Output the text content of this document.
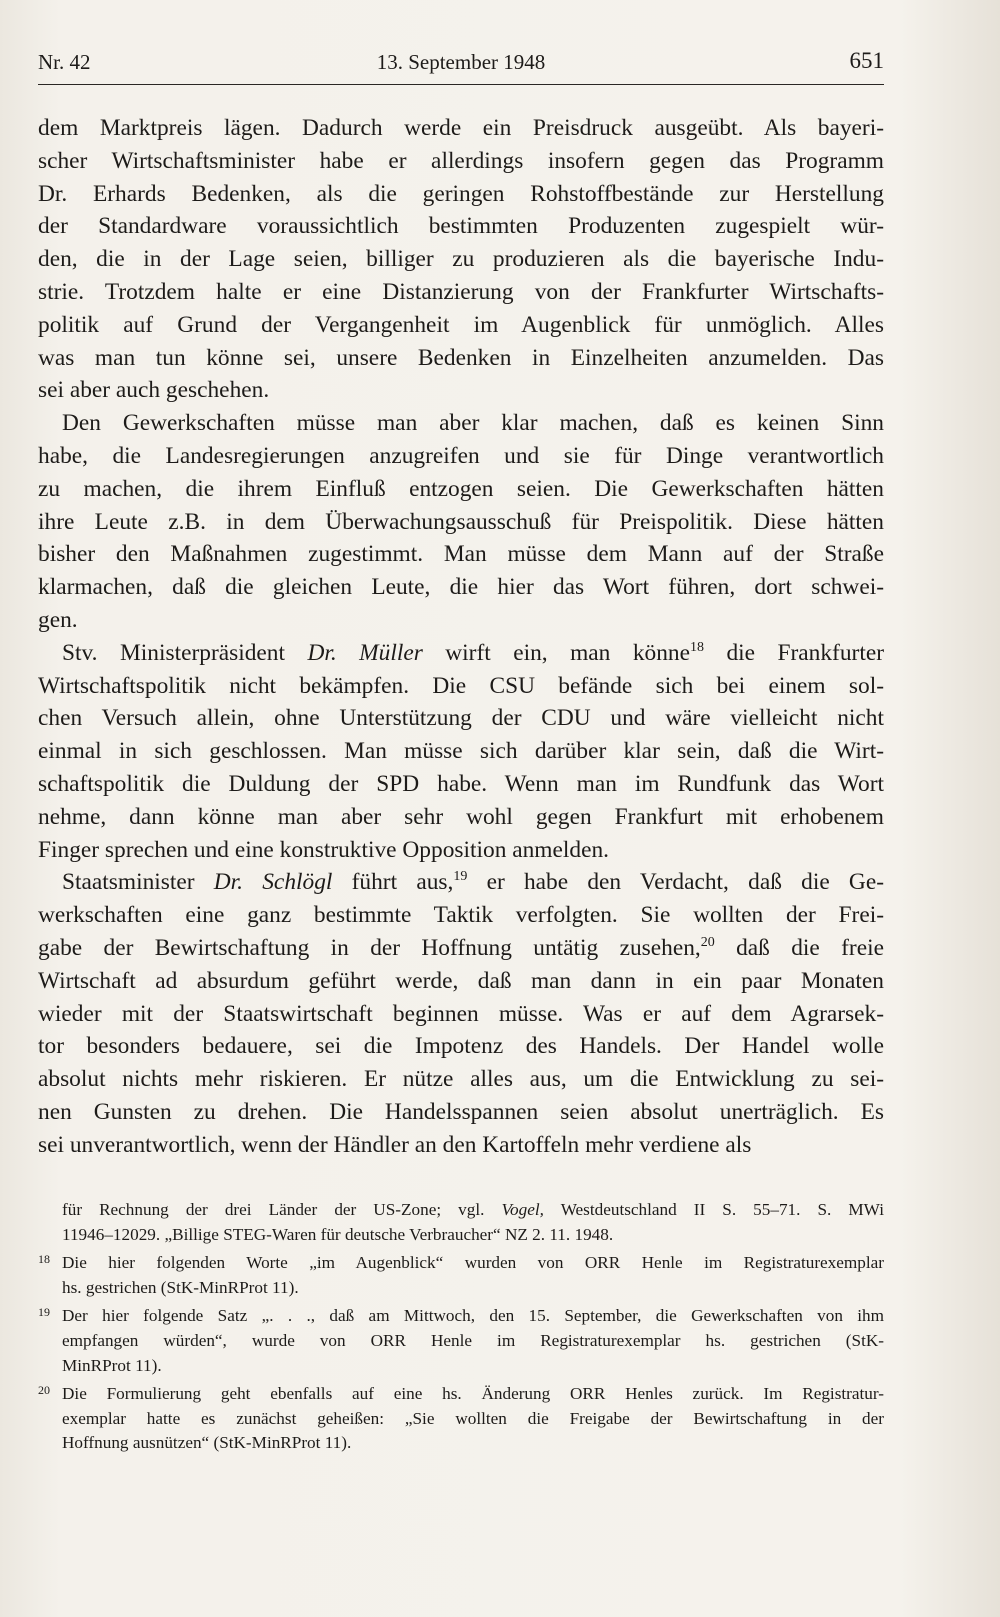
Nr. 42	13. September 1948	651
dem Marktpreis lägen. Dadurch werde ein Preisdruck ausgeübt. Als bayeri-
scher Wirtschaftsminister habe er allerdings insofern gegen das Programm
Dr. Erhards Bedenken, als die geringen Rohstoffbestände zur Herstellung
der Standardware voraussichtlich bestimmten Produzenten zugespielt wür-
den, die in der Lage seien, billiger zu produzieren als die bayerische Indu-
strie. Trotzdem halte er eine Distanzierung von der Frankfurter Wirtschafts-
politik auf Grund der Vergangenheit im Augenblick für unmöglich. Alles
was man tun könne sei, unsere Bedenken in Einzelheiten anzumelden. Das
sei aber auch geschehen.
Den Gewerkschaften müsse man aber klar machen, daß es keinen Sinn
habe, die Landesregierungen anzugreifen und sie für Dinge verantwortlich
zu machen, die ihrem Einfluß entzogen seien. Die Gewerkschaften hätten
ihre Leute z.B. in dem Überwachungsausschuß für Preispolitik. Diese hätten
bisher den Maßnahmen zugestimmt. Man müsse dem Mann auf der Straße
klarmachen, daß die gleichen Leute, die hier das Wort führen, dort schwei-
gen.
Stv. Ministerpräsident Dr. Müller wirft ein, man könne$^{18}$ die Frankfurter
Wirtschaftspolitik nicht bekämpfen. Die CSU befände sich bei einem sol-
chen Versuch allein, ohne Unterstützung der CDU und wäre vielleicht nicht
einmal in sich geschlossen. Man müsse sich darüber klar sein, daß die Wirt-
schaftspolitik die Duldung der SPD habe. Wenn man im Rundfunk das Wort
nehme, dann könne man aber sehr wohl gegen Frankfurt mit erhobenem
Finger sprechen und eine konstruktive Opposition anmelden.
Staatsminister Dr. Schlögl führt aus,$^{19}$ er habe den Verdacht, daß die Ge-
werkschaften eine ganz bestimmte Taktik verfolgten. Sie wollten der Frei-
gabe der Bewirtschaftung in der Hoffnung untätig zusehen,$^{20}$ daß die freie
Wirtschaft ad absurdum geführt werde, daß man dann in ein paar Monaten
wieder mit der Staatswirtschaft beginnen müsse. Was er auf dem Agrarsek-
tor besonders bedauere, sei die Impotenz des Handels. Der Handel wolle
absolut nichts mehr riskieren. Er nütze alles aus, um die Entwicklung zu sei-
nen Gunsten zu drehen. Die Handelsspannen seien absolut unerträglich. Es
sei unverantwortlich, wenn der Händler an den Kartoffeln mehr verdiene als
für Rechnung der drei Länder der US-Zone; vgl. Vogel, Westdeutschland II S. 55–71. S. MWi
11946–12029. „Billige STEG-Waren für deutsche Verbraucher“ NZ 2. 11. 1948.
18 Die hier folgenden Worte „im Augenblick“ wurden von ORR Henle im Registraturexemplar
hs. gestrichen (StK-MinRProt 11).
19 Der hier folgende Satz „. . ., daß am Mittwoch, den 15. September, die Gewerkschaften von ihm
empfangen würden“, wurde von ORR Henle im Registraturexemplar hs. gestrichen (StK-
MinRProt 11).
20 Die Formulierung geht ebenfalls auf eine hs. Änderung ORR Henles zurück. Im Registratur-
exemplar hatte es zunächst geheißen: „Sie wollten die Freigabe der Bewirtschaftung in der
Hoffnung ausnützen“ (StK-MinRProt 11).
